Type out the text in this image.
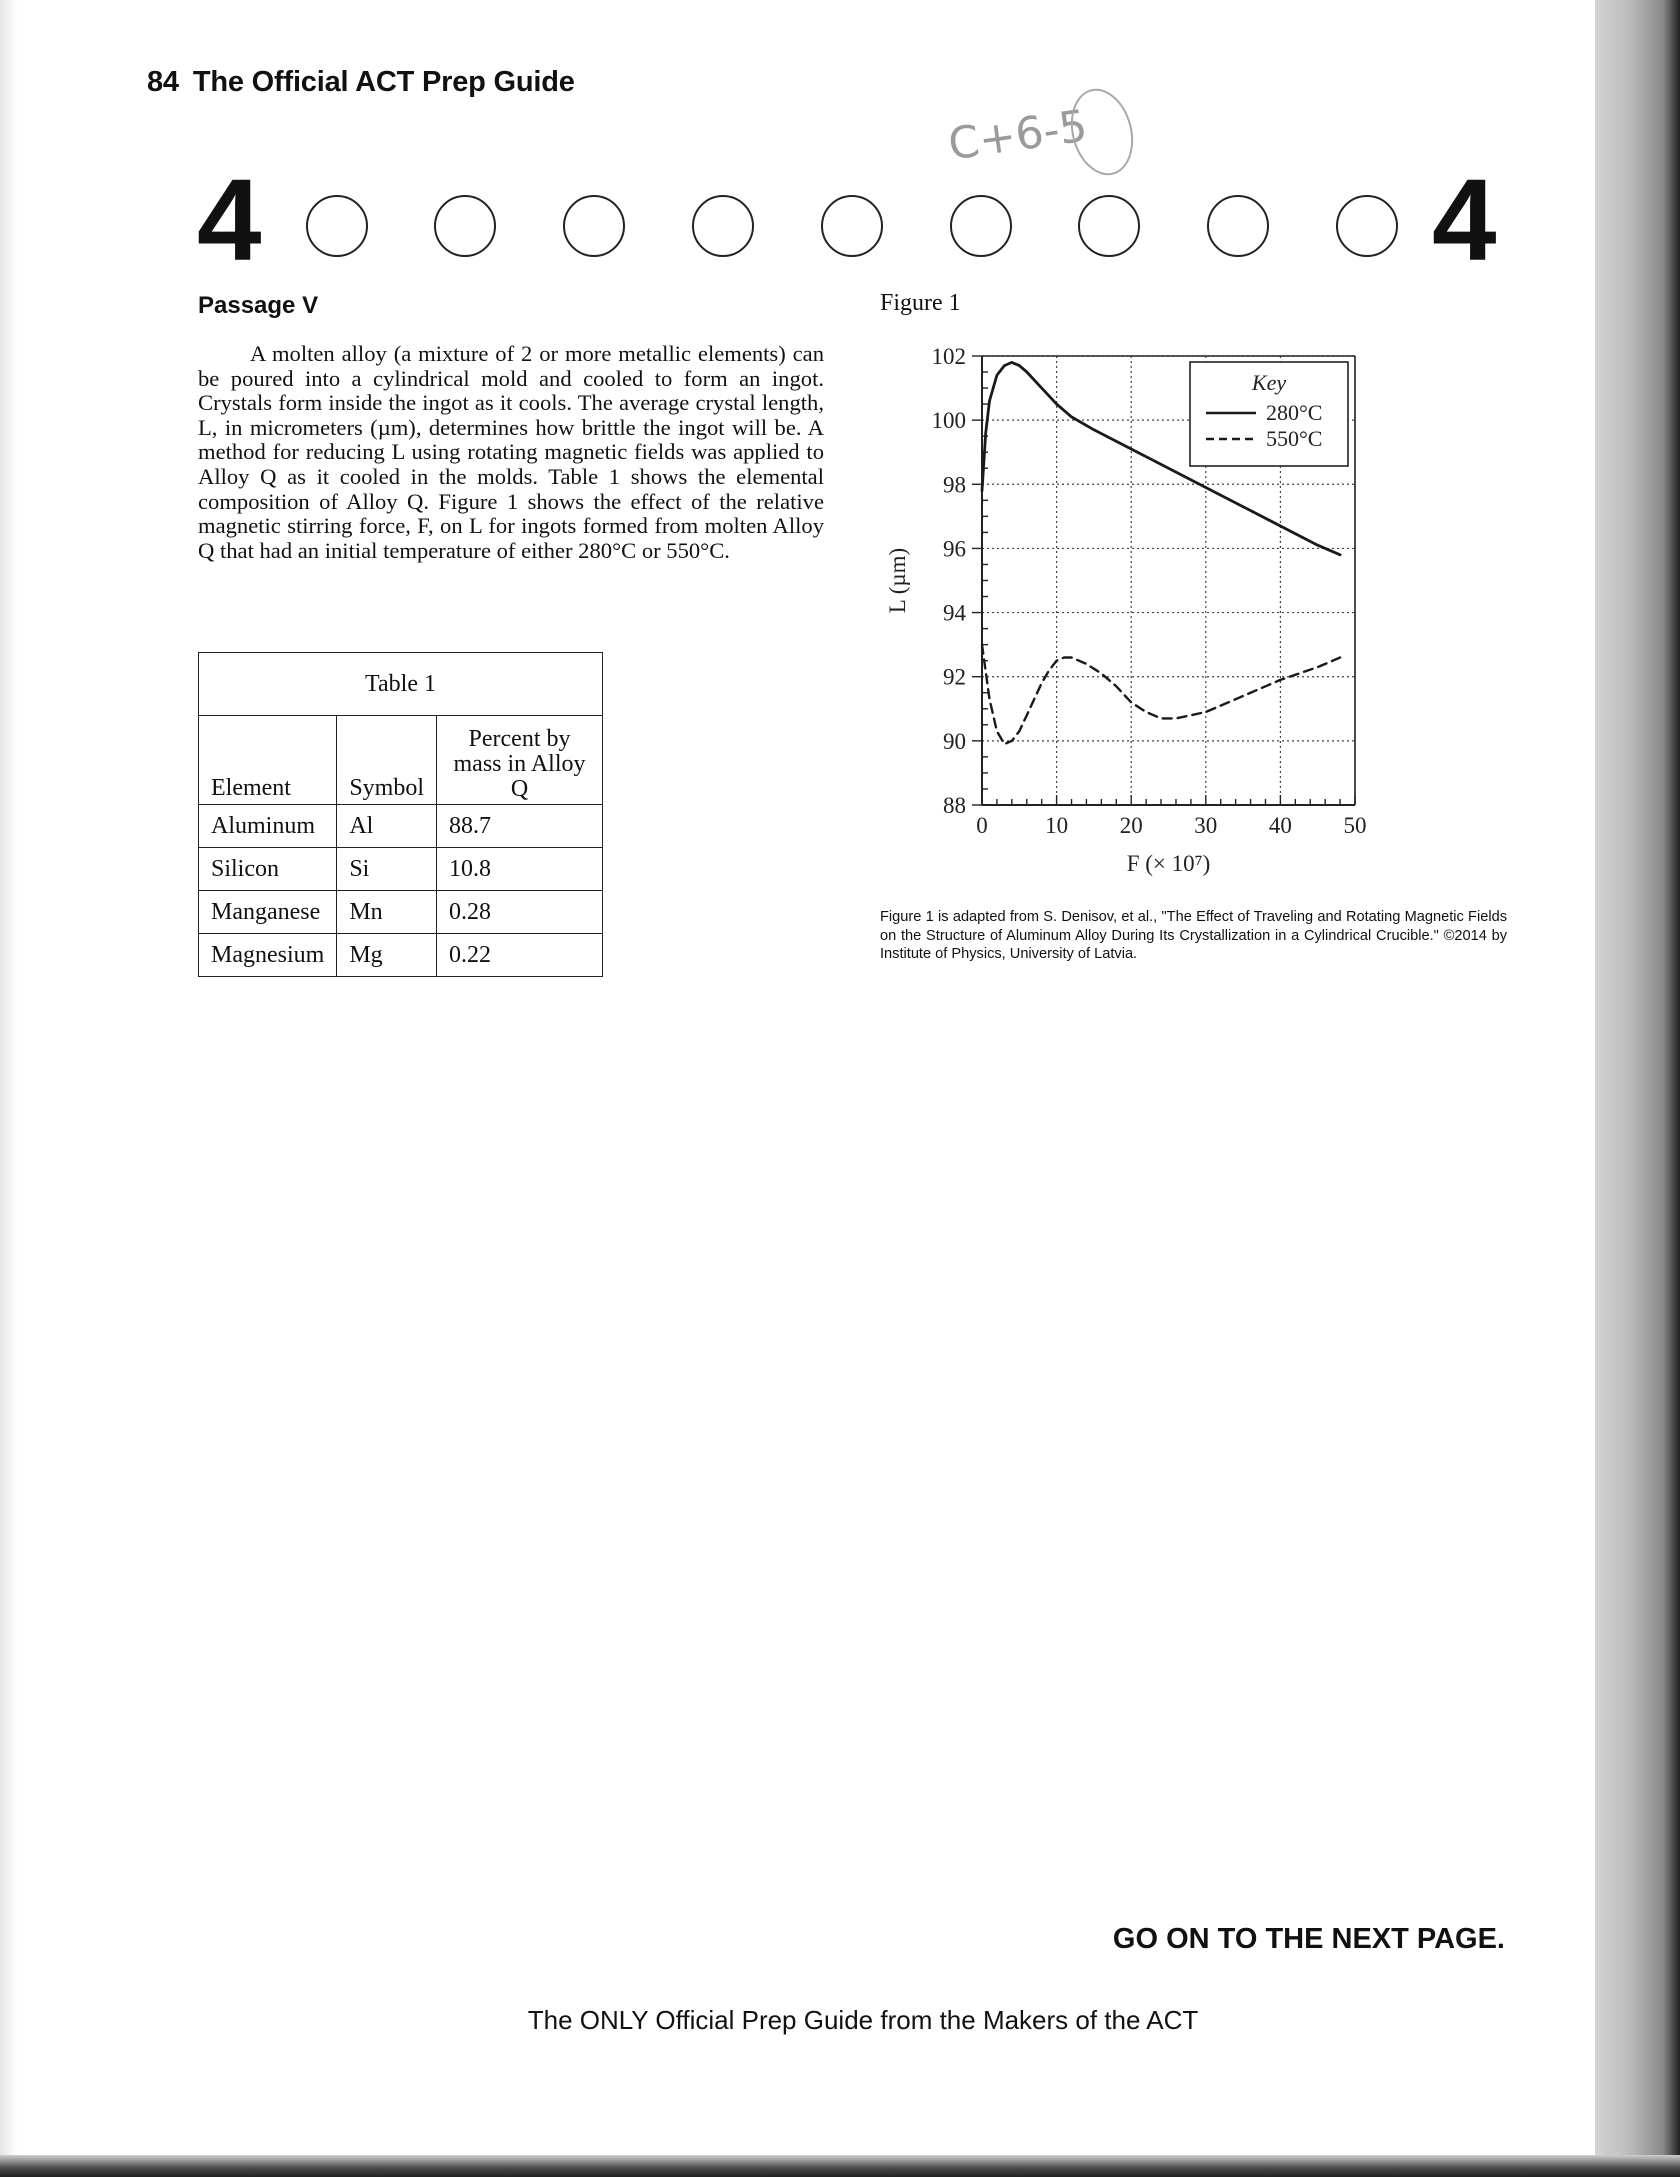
84 The Official ACT Prep Guide
C+6-5
4	4
Passage V
A molten alloy (a mixture of 2 or more metallic elements) can be poured into a cylindrical mold and cooled to form an ingot. Crystals form inside the ingot as it cools. The average crystal length, L, in micrometers (µm), determines how brittle the ingot will be. A method for reducing L using rotating magnetic fields was applied to Alloy Q as it cooled in the molds. Table 1 shows the elemental composition of Alloy Q. Figure 1 shows the effect of the relative magnetic stirring force, F, on L for ingots formed from molten Alloy Q that had an initial temperature of either 280°C or 550°C.
Table 1		
Element	Symbol	Percent by mass in Alloy Q
Aluminum	Al	88.7
Silicon	Si	10.8
Manganese	Mn	0.28
Magnesium	Mg	0.22
Figure 1
88
90
92
94
96
98
100
102
0 10 20 30 40 50
F (× 10⁷)
L (µm)
Key
280°C
550°C
Figure 1 is adapted from S. Denisov, et al., "The Effect of Traveling and Rotating Magnetic Fields on the Structure of Aluminum Alloy During Its Crystallization in a Cylindrical Crucible." ©2014 by Institute of Physics, University of Latvia.
GO ON TO THE NEXT PAGE.
The ONLY Official Prep Guide from the Makers of the ACT
